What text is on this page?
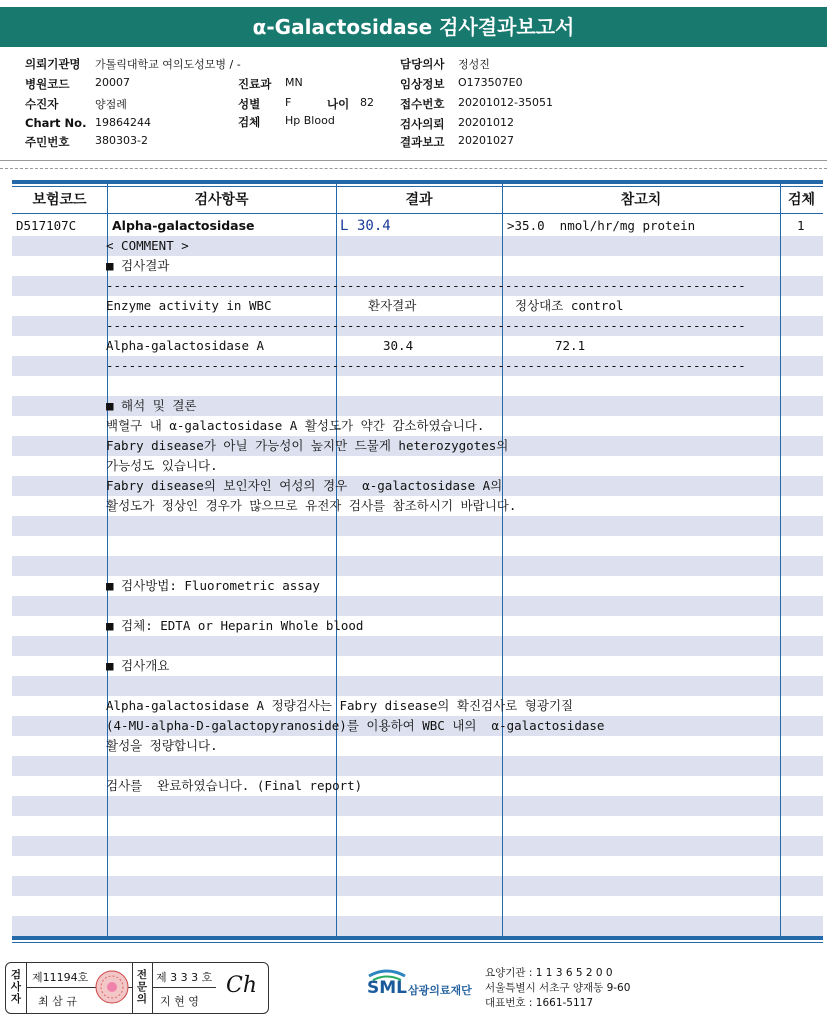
α-Galactosidase 검사결과보고서
의뢰기관명 가톨릭대학교 여의도성모병 / -
병원코드 20007
수진자	양점례
Chart No. 19864244
주민번호 380303-2
진료과 MN
성별 F	나이 82
검체 Hp Blood
담당의사 정성진
임상정보 O173507E0
접수번호 20201012-35051
검사의뢰 20201012
결과보고 20201027
보험코드	검사항목	결과	참고치	검체
D517107C	Alpha-galactosidase	L 30.4	>35.0  nmol/hr/mg protein	1
< COMMENT >
■ 검사결과
-------------------------------------------------------------------------------------
Enzyme activity in WBC	환자결과	정상대조 control
-------------------------------------------------------------------------------------
Alpha-galactosidase A	30.4	72.1
-------------------------------------------------------------------------------------
■ 해석 및 결론
백혈구 내 α-galactosidase A 활성도가 약간 감소하였습니다.
Fabry disease가 아닐 가능성이 높지만 드물게 heterozygotes의
가능성도 있습니다.
Fabry disease의 보인자인 여성의 경우  α-galactosidase A의
활성도가 정상인 경우가 많으므로 유전자 검사를 참조하시기 바랍니다.
■ 검사방법: Fluorometric assay
■ 검체: EDTA or Heparin Whole blood
■ 검사개요
Alpha-galactosidase A 정량검사는 Fabry disease의 확진검사로 형광기질
(4-MU-alpha-D-galactopyranoside)를 이용하여 WBC 내의  α-galactosidase
활성을 정량합니다.
검사를  완료하였습니다. (Final report)
검사자
제11194호
최 삼 규
전문의
제 3 3 3 호
지 현 영
Ch	SML 삼광의료재단
요양기관 : 1 1 3 6 5 2 0 0
서울특별시 서초구 양재동 9-60
대표번호 : 1661-5117
